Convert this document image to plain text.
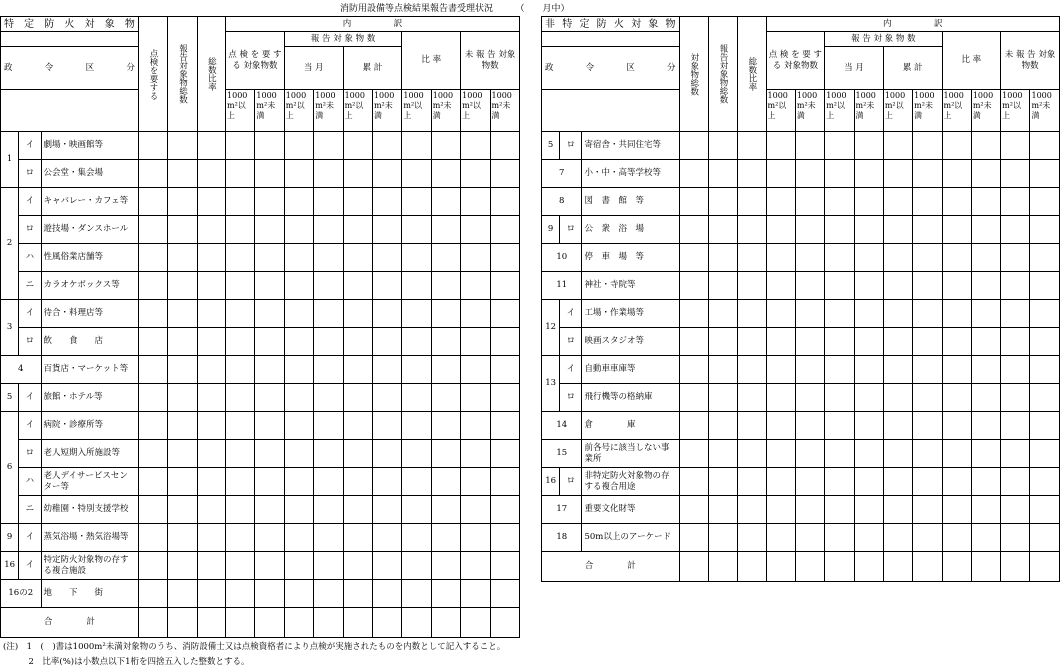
消防用設備等点検結果報告書受理状況　　　（　　月中）
特 定 防 火 対 象 物			点検を要する	報告対象物総数	総数比率	内　　　　　訳									
						点 検 を 要 す る 対象物数		報 告 対 象 物 数				比 率		未 報 告 対象物数	
政 令 区 分								当 月		累 計					
						1000 m²以上	1000 m²未満	1000 m²以上	1000 m²未満	1000 m²以上	1000 m²未満	1000 m²以上	1000 m²未満	1000 m²以上	1000 m²未満
1	イ	劇場・映画館等													
	ロ	公会堂・集会場													
2	イ	キャバレー・カフェ等													
	ロ	遊技場・ダンスホール													
	ハ	性風俗業店舗等													
	ニ	カラオケボックス等													
3	イ	待合・料理店等													
	ロ	飲　　食　　店													
4		百貨店・マーケット等													
5	イ	旅館・ホテル等													
6	イ	病院・診療所等													
	ロ	老人短期入所施設等													
	ハ	老人デイサービスセンター等													
	ニ	幼稚園・特別支援学校													
9	イ	蒸気浴場・熱気浴場等													
16	イ	特定防火対象物の存する複合施設													
16の2		地　　下　　街													
合　　　　計															
非 特 定 防 火 対 象 物			対象物総数	報告対象物総数	総数比率	内　　　　　訳									
						点 検 を 要 す る 対象物数		報 告 対 象 物 数				比 率		未 報 告 対象物数	
政 令 区 分								当 月		累 計					
						1000 m²以上	1000 m²未満	1000 m²以上	1000 m²未満	1000 m²以上	1000 m²未満	1000 m²以上	1000 m²未満	1000 m²以上	1000 m²未満
5	ロ	寄宿舎・共同住宅等													
7		小・中・高等学校等													
8		図　書　館　等													
9	ロ	公　衆　浴　場													
10		停　車　場　等													
11		神社・寺院等													
12	イ	工場・作業場等													
	ロ	映画スタジオ等													
13	イ	自動車車庫等													
	ロ	飛行機等の格納庫													
14		倉　　　　庫													
15		前各号に該当しない事業所													
16	ロ	非特定防火対象物の存する複合用途													
17		重要文化財等													
18		50m以上のアーケード													
合　　　　計															
(注)　1　(　)書は1000m²未満対象物のうち、消防設備士又は点検資格者により点検が実施されたものを内数として記入すること。
　　　2　比率(%)は小数点以下1桁を四捨五入した整数とする。
